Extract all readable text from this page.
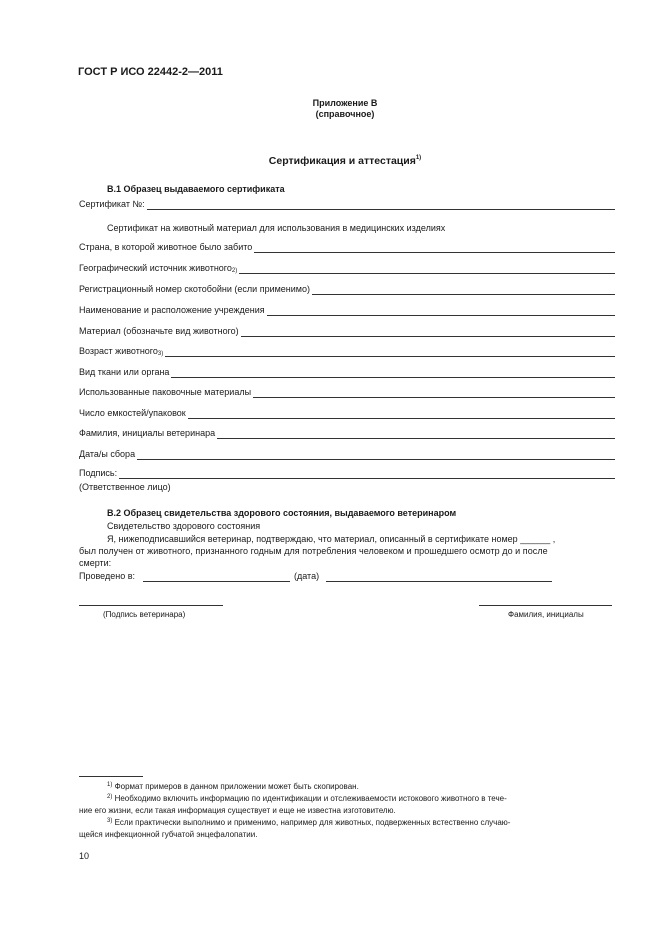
ГОСТ Р ИСО 22442-2—2011
Приложение В
(справочное)
Сертификация и аттестация$^{1)}$
В.1 Образец выдаваемого сертификата
Сертификат №:
Сертификат на животный материал для использования в медицинских изделиях
Страна, в которой животное было забито
Географический источник животного$_{2)}$
Регистрационный номер скотобойни (если применимо)
Наименование и расположение учреждения
Материал (обозначьте вид животного)
Возраст животного$_{3)}$
Вид ткани или органа
Использованные паковочные материалы
Число емкостей/упаковок
Фамилия, инициалы ветеринара
Дата/ы сбора
Подпись:
(Ответственное лицо)
В.2 Образец свидетельства здорового состояния, выдаваемого ветеринаром
Свидетельство здорового состояния
Я, нижеподписавшийся ветеринар, подтверждаю, что материал, описанный в сертификате номер ______ ,
был получен от животного, признанного годным для потребления человеком и прошедшего осмотр до и после
смерти:
Проведено в:	(дата)
(Подпись ветеринара)	Фамилия, инициалы
$^{1)}$ Формат примеров в данном приложении может быть скопирован.
$^{2)}$ Необходимо включить информацию по идентификации и отслеживаемости истокового животного в тече-
ние его жизни, если такая информация существует и еще не известна изготовителю.
$^{3)}$ Если практически выполнимо и применимо, например для животных, подверженных встественно случаю-
щейся инфекционной губчатой энцефалопатии.
10
